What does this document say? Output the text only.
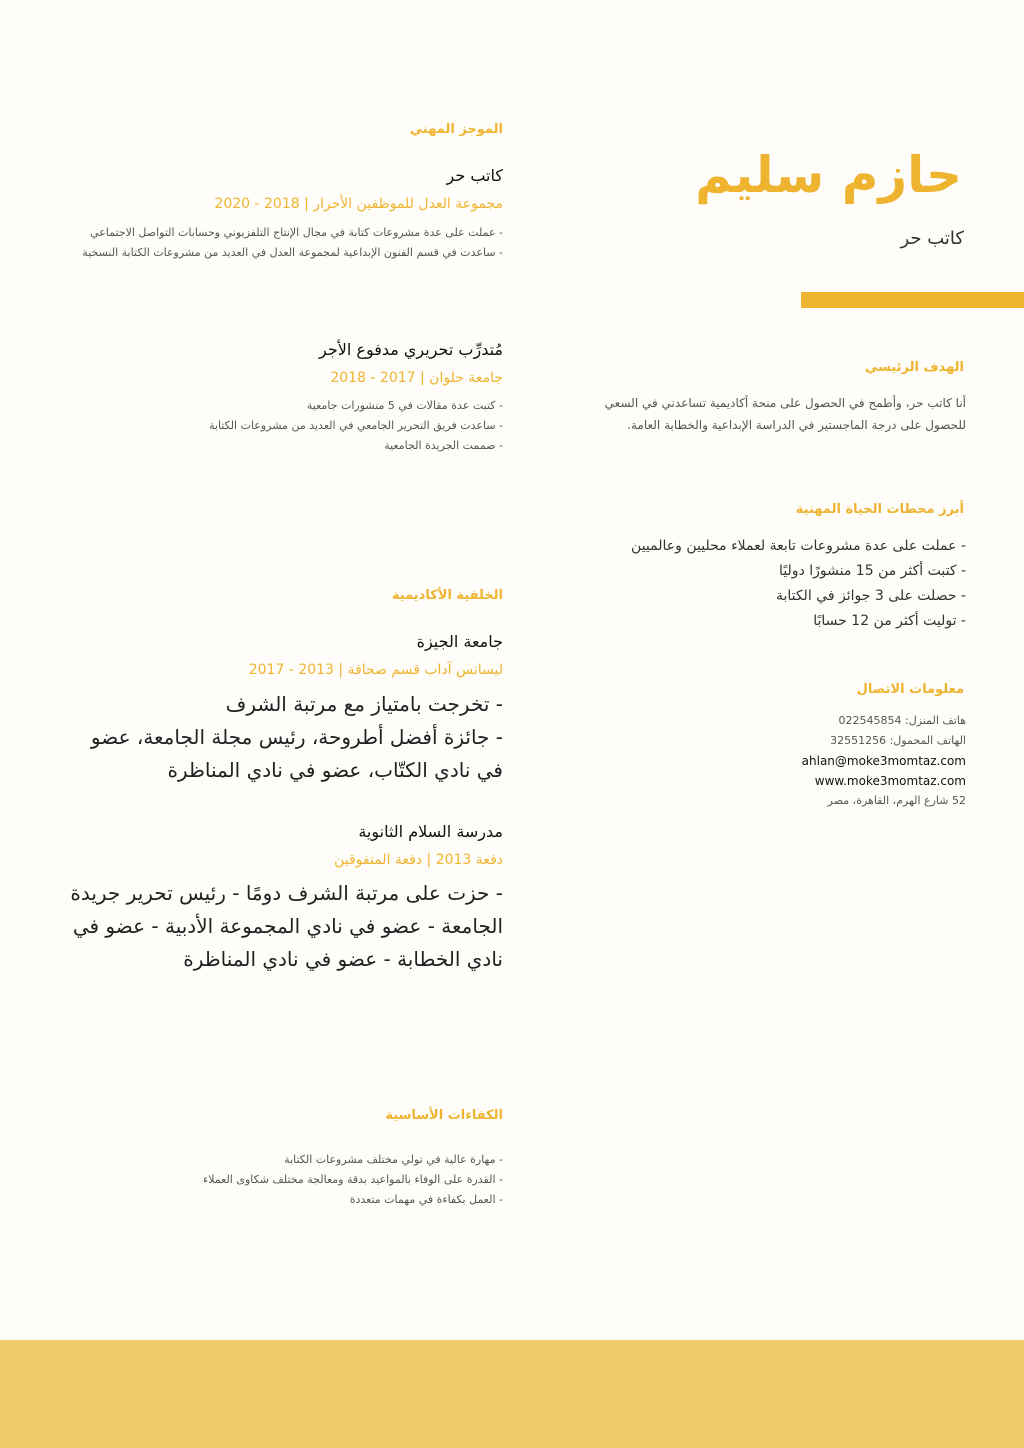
حازم سليم
كاتب حر
الهدف الرئيسي
أنا كاتب حر، وأطمح في الحصول على منحة أكاديمية تساعدني في السعي
للحصول على درجة الماجستير في الدراسة الإبداعية والخطابة العامة.
أبرز محطات الحياة المهنية
- عملت على عدة مشروعات تابعة لعملاء محليين وعالميين
- كتبت أكثر من 15 منشورًا دوليًا
- حصلت على 3 جوائز في الكتابة
- توليت أكثر من 12 حسابًا
معلومات الاتصال
هاتف المنزل: 022545854
الهاتف المحمول: 32551256
ahlan@moke3momtaz.com
www.moke3momtaz.com
52 شارع الهرم، القاهرة، مصر
الموجز المهني
كاتب حر
مجموعة العدل للموظفين الأحرار | 2018 - 2020
- عملت على عدة مشروعات كتابة في مجال الإنتاج التلفزيوني وحسابات التواصل الاجتماعي
- ساعدت في قسم الفنون الإبداعية لمجموعة العدل في العديد من مشروعات الكتابة النسخية
مُتدرِّب تحريري مدفوع الأجر
جامعة حلوان | 2017 - 2018
- كتبت عدة مقالات في 5 منشورات جامعية
- ساعدت فريق التحرير الجامعي في العديد من مشروعات الكتابة
- صممت الجريدة الجامعية
الخلفية الأكاديمية
جامعة الجيزة
ليسانس آداب قسم صحافة | 2013 - 2017
- تخرجت بامتياز مع مرتبة الشرف
- جائزة أفضل أطروحة، رئيس مجلة الجامعة، عضو في نادي الكتّاب، عضو في نادي المناظرة
مدرسة السلام الثانوية
دفعة 2013 | دفعة المتفوقين
- حزت على مرتبة الشرف دومًا - رئيس تحرير جريدة الجامعة - عضو في نادي المجموعة الأدبية - عضو في نادي الخطابة - عضو في نادي المناظرة
الكفاءات الأساسية
- مهارة عالية في تولي مختلف مشروعات الكتابة
- القدرة على الوفاء بالمواعيد بدقة ومعالجة مختلف شكاوى العملاء
- العمل بكفاءة في مهمات متعددة
